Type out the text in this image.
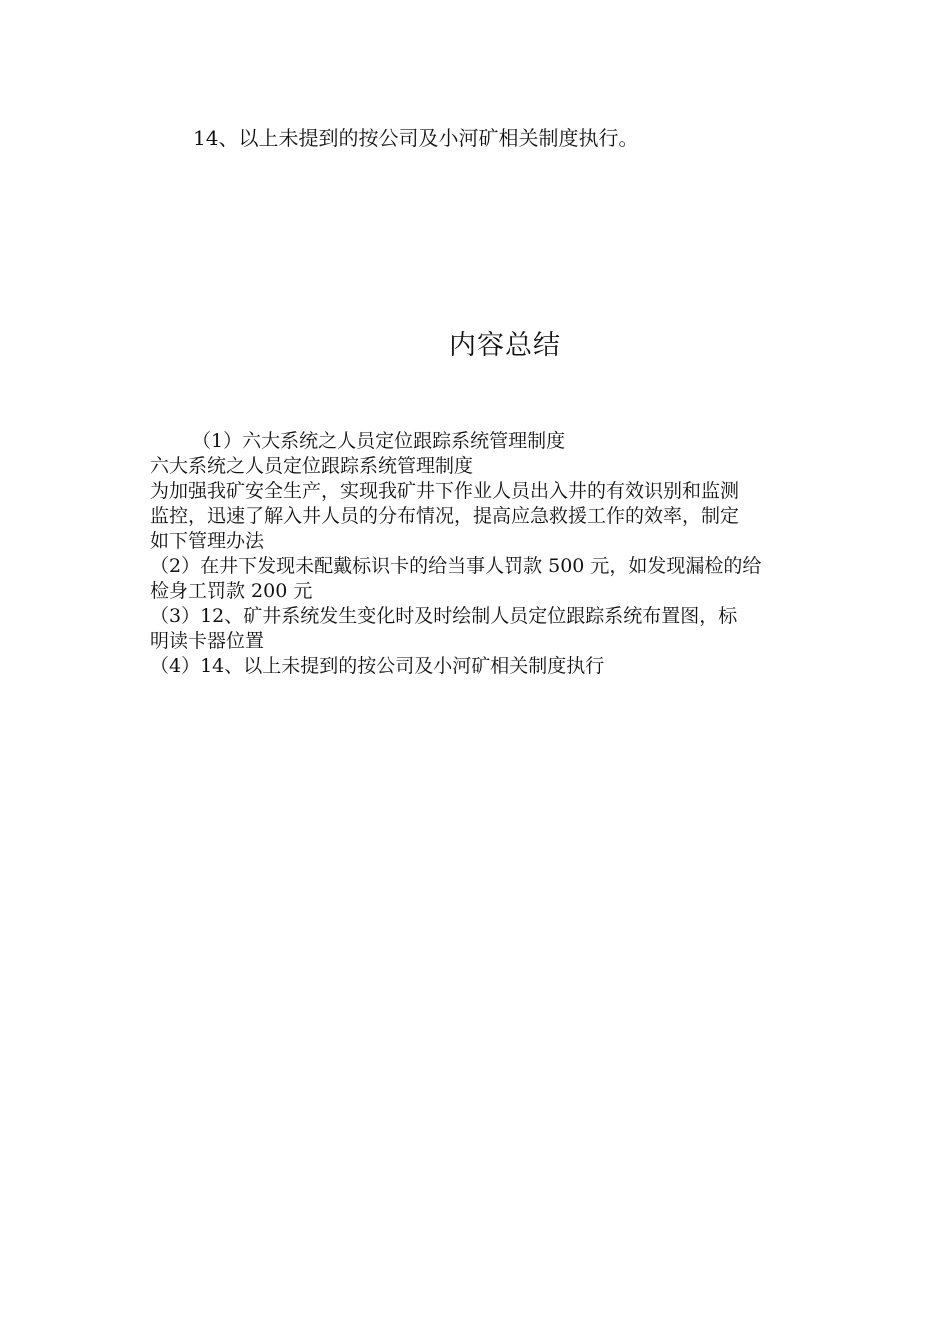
14、以上未提到的按公司及小河矿相关制度执行。
内容总结

（1）六大系统之人员定位跟踪系统管理制度

六大系统之人员定位跟踪系统管理制度

为加强我矿安全生产，实现我矿井下作业人员出入井的有效识别和监测

监控，迅速了解入井人员的分布情况，提高应急救援工作的效率，制定

如下管理办法

（2）在井下发现未配戴标识卡的给当事人罚款 500 元，如发现漏检的给

检身工罚款 200 元

（3）12、矿井系统发生变化时及时绘制人员定位跟踪系统布置图，标

明读卡器位置

（4）14、以上未提到的按公司及小河矿相关制度执行
